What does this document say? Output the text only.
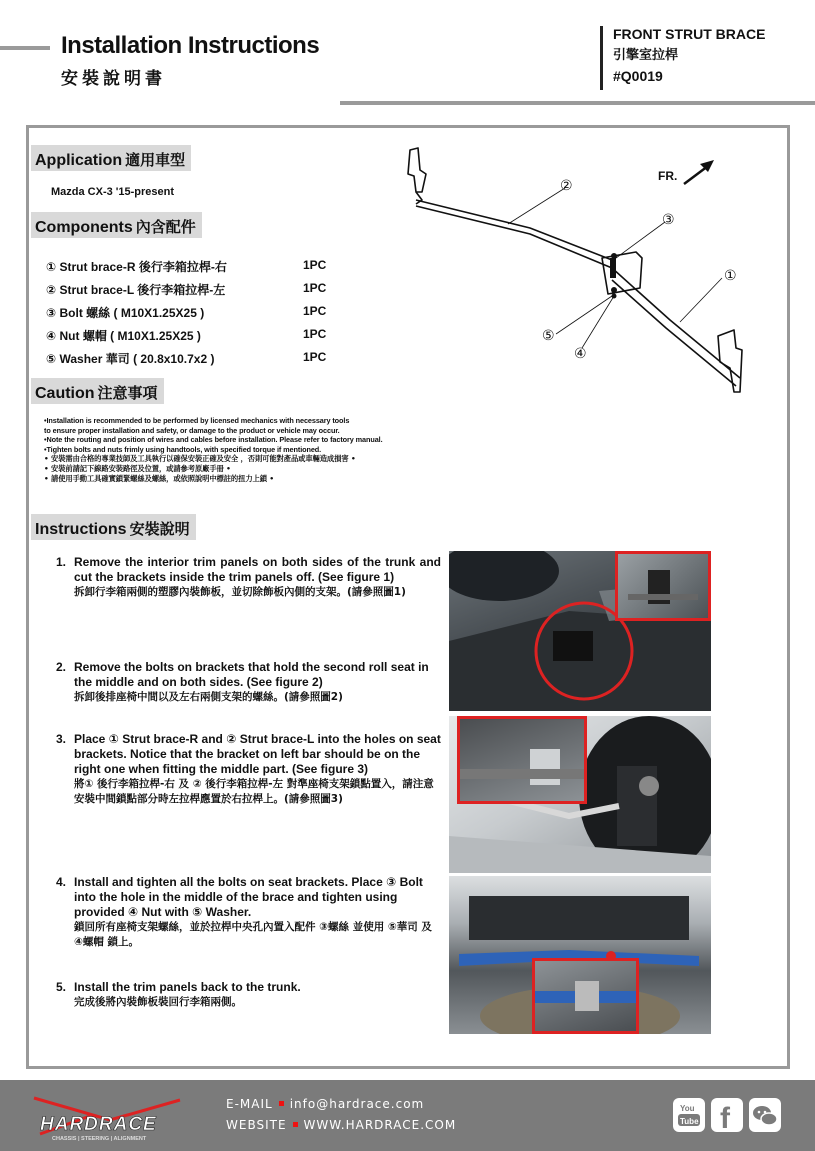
Installation Instructions
安裝說明書
FRONT STRUT BRACE
引擎室拉桿
#Q0019
Application 適用車型
Mazda CX-3 '15-present
Components 內含配件
① Strut brace-R 後行李箱拉桿-右	1PC
② Strut brace-L 後行李箱拉桿-左	1PC
③ Bolt 螺絲 ( M10X1.25X25 )	1PC
④ Nut 螺帽 ( M10X1.25X25 )	1PC
⑤ Washer 華司 ( 20.8x10.7x2 )	1PC
②
③
①
⑤
④
FR.
Caution 注意事項
•Installation is recommended to be performed by licensed mechanics with necessary tools
to ensure proper installation and safety, or damage to the product or vehicle may occur.
•Note the routing and position of wires and cables before installation. Please refer to factory manual.
•Tighten bolts and nuts frimly using handtools, with specified torque if mentioned.
• 安裝需由合格的專業技師及工具執行以確保安裝正確及安全 ，否則可能對產品或車輛造成損害 •
• 安裝前請記下線路安裝路徑及位置，或請參考原廠手冊 •
• 請使用手動工具確實鎖緊螺絲及螺絲，或依照說明中標註的扭力上鎖 •
Instructions 安裝說明
1. Remove the interior trim panels on both sides of the trunk and cut the brackets inside the trim panels off. (See figure 1)
拆卸行李箱兩側的塑膠內裝飾板，並切除飾板內側的支架。(請參照圖1)
2. Remove the bolts on brackets that hold the second roll seat in the middle and on both sides. (See figure 2)
拆卸後排座椅中間以及左右兩側支架的螺絲。(請參照圖2)
3. Place ① Strut brace-R and ② Strut brace-L into the holes on seat brackets. Notice that the bracket on left bar should be on the right one when fitting the middle part. (See figure 3)
將① 後行李箱拉桿-右 及 ② 後行李箱拉桿-左 對準座椅支架鎖點置入，請注意安裝中間鎖點部分時左拉桿應置於右拉桿上。(請參照圖3)
4. Install and tighten all the bolts on seat brackets. Place ③ Bolt into the hole in the middle of the brace and tighten using provided ④ Nut with ⑤ Washer.
鎖回所有座椅支架螺絲，並於拉桿中央孔內置入配件 ③螺絲 並使用 ⑤華司 及 ④螺帽 鎖上。
5. Install the trim panels back to the trunk.
完成後將內裝飾板裝回行李箱兩側。
HARDRACE
CHASSIS | STEERING | ALIGNMENT
E-MAIL info@hardrace.com
WEBSITE WWW.HARDRACE.COM
You
Tube f
